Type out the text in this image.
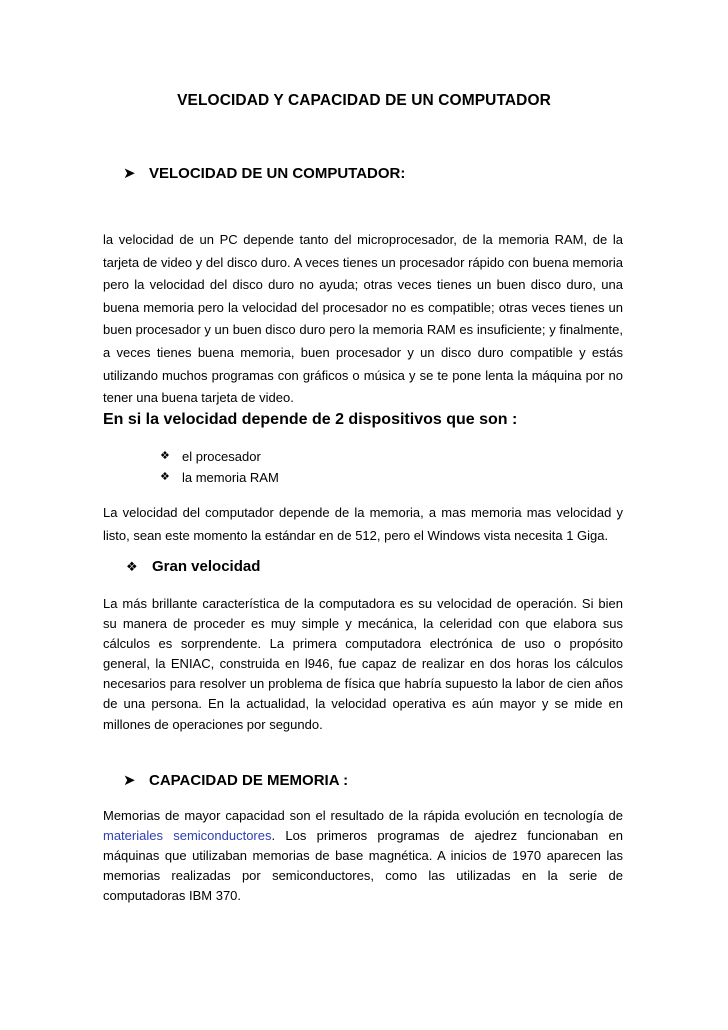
VELOCIDAD Y CAPACIDAD DE UN COMPUTADOR
➤ VELOCIDAD DE UN COMPUTADOR:

la velocidad de un PC depende tanto del microprocesador, de la memoria RAM, de la tarjeta de video y del disco duro. A veces tienes un procesador rápido con buena memoria pero la velocidad del disco duro no ayuda; otras veces tienes un buen disco duro, una buena memoria pero la velocidad del procesador no es compatible; otras veces tienes un buen procesador y un buen disco duro pero la memoria RAM es insuficiente; y finalmente, a veces tienes buena memoria, buen procesador y un disco duro compatible y estás utilizando muchos programas con gráficos o música y se te pone lenta la máquina por no tener una buena tarjeta de video.

En si la velocidad depende de 2 dispositivos que son :
❖ el procesador
❖ la memoria RAM

La velocidad del computador depende de la memoria, a mas memoria mas velocidad y listo, sean este momento la estándar en de 512, pero el Windows vista necesita 1 Giga.

❖ Gran velocidad

La más brillante característica de la computadora es su velocidad de operación. Si bien su manera de proceder es muy simple y mecánica, la celeridad con que elabora sus cálculos es sorprendente. La primera computadora electrónica de uso o propósito general, la ENIAC, construida en l946, fue capaz de realizar en dos horas los cálculos necesarios para resolver un problema de física que habría supuesto la labor de cien años de una persona. En la actualidad, la velocidad operativa es aún mayor y se mide en millones de operaciones por segundo.

➤ CAPACIDAD DE MEMORIA :

Memorias de mayor capacidad son el resultado de la rápida evolución en tecnología de materiales semiconductores. Los primeros programas de ajedrez funcionaban en máquinas que utilizaban memorias de base magnética. A inicios de 1970 aparecen las memorias realizadas por semiconductores, como las utilizadas en la serie de computadoras IBM 370.
